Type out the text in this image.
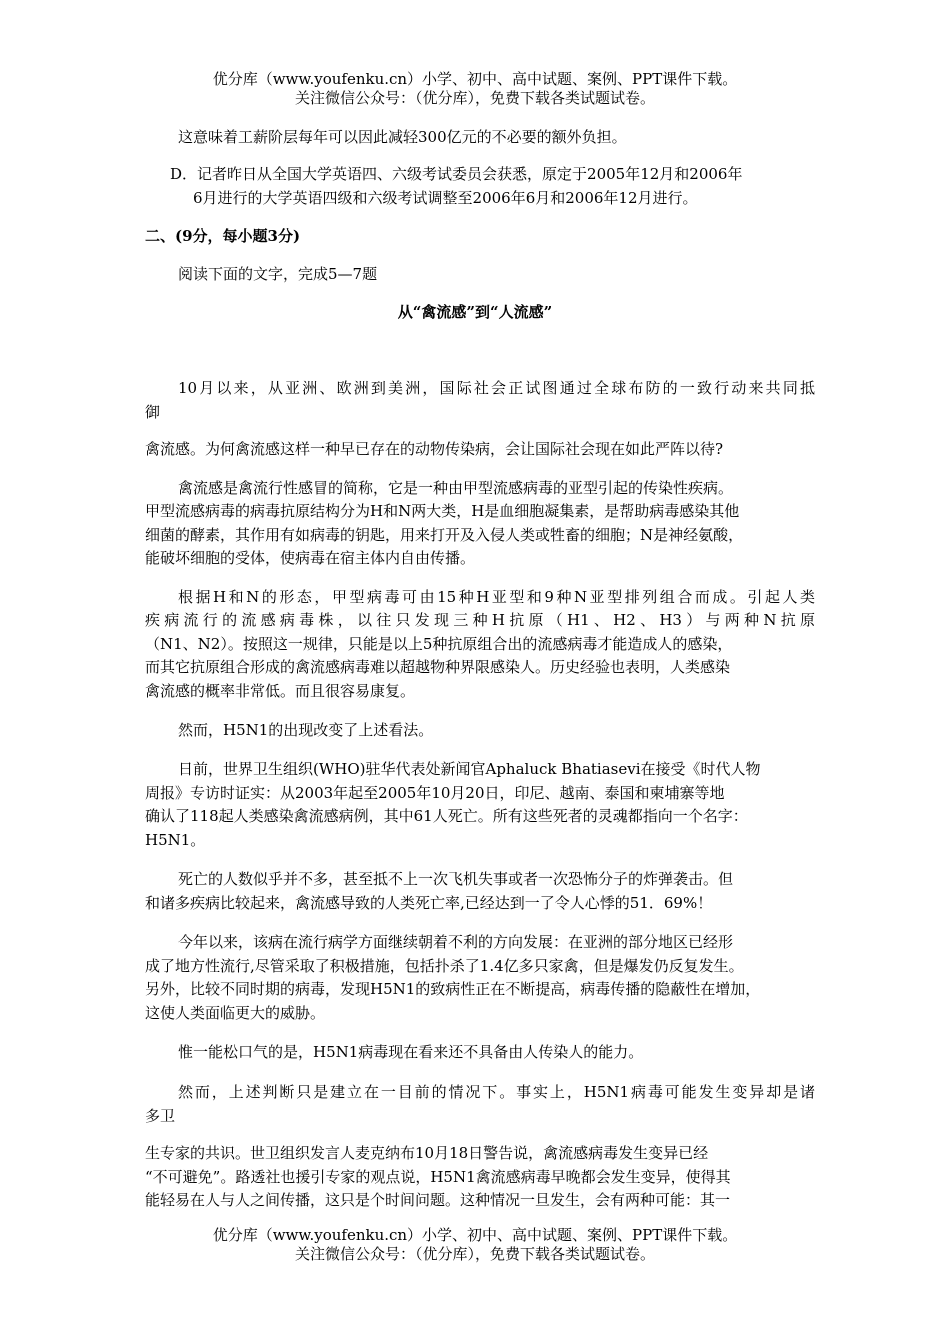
优分库（www.youfenku.cn）小学、初中、高中试题、案例、PPT课件下载。
关注微信公众号：（优分库），免费下载各类试题试卷。
这意味着工薪阶层每年可以因此减轻300亿元的不必要的额外负担。
D．记者昨日从全国大学英语四、六级考试委员会获悉，原定于2005年12月和2006年
6月进行的大学英语四级和六级考试调整至2006年6月和2006年12月进行。
二、(9分，每小题3分)
阅读下面的文字，完成5—7题
从“禽流感”到“人流感”
10月以来，从亚洲、欧洲到美洲，国际社会正试图通过全球布防的一致行动来共同抵
御
禽流感。为何禽流感这样一种早已存在的动物传染病，会让国际社会现在如此严阵以待?
禽流感是禽流行性感冒的简称，它是一种由甲型流感病毒的亚型引起的传染性疾病。
甲型流感病毒的病毒抗原结构分为H和N两大类，H是血细胞凝集素，是帮助病毒感染其他
细菌的酵素，其作用有如病毒的钥匙，用来打开及入侵人类或牲畜的细胞；N是神经氨酸，
能破坏细胞的受体，使病毒在宿主体内自由传播。
根据H和N的形态，甲型病毒可由15种H亚型和9种N亚型排列组合而成。引起人类
疾病流行的流感病毒株，以往只发现三种H抗原（H1、H2、H3）与两种N抗原
（N1、N2）。按照这一规律，只能是以上5种抗原组合出的流感病毒才能造成人的感染，
而其它抗原组合形成的禽流感病毒难以超越物种界限感染人。历史经验也表明，人类感染
禽流感的概率非常低。而且很容易康复。
然而，H5N1的出现改变了上述看法。
日前，世界卫生组织(WHO)驻华代表处新闻官Aphaluck Bhatiasevi在接受《时代人物
周报》专访时证实：从2003年起至2005年10月20日，印尼、越南、泰国和柬埔寨等地
确认了118起人类感染禽流感病例，其中61人死亡。所有这些死者的灵魂都指向一个名字：
H5N1。
死亡的人数似乎并不多，甚至抵不上一次飞机失事或者一次恐怖分子的炸弹袭击。但
和诸多疾病比较起来，禽流感导致的人类死亡率,已经达到一了令人心悸的51．69%！
今年以来，该病在流行病学方面继续朝着不利的方向发展：在亚洲的部分地区已经形
成了地方性流行,尽管采取了积极措施，包括扑杀了1.4亿多只家禽，但是爆发仍反复发生。
另外，比较不同时期的病毒，发现H5N1的致病性正在不断提高，病毒传播的隐蔽性在增加，
这使人类面临更大的威胁。
惟一能松口气的是，H5N1病毒现在看来还不具备由人传染人的能力。
然而，上述判断只是建立在一目前的情况下。事实上，H5N1病毒可能发生变异却是诸
多卫
生专家的共识。世卫组织发言人麦克纳布10月18日警告说，禽流感病毒发生变异已经
“不可避免”。路透社也援引专家的观点说，H5N1禽流感病毒早晚都会发生变异，使得其
能轻易在人与人之间传播，这只是个时间问题。这种情况一旦发生，会有两种可能：其一
优分库（www.youfenku.cn）小学、初中、高中试题、案例、PPT课件下载。
关注微信公众号：（优分库），免费下载各类试题试卷。
